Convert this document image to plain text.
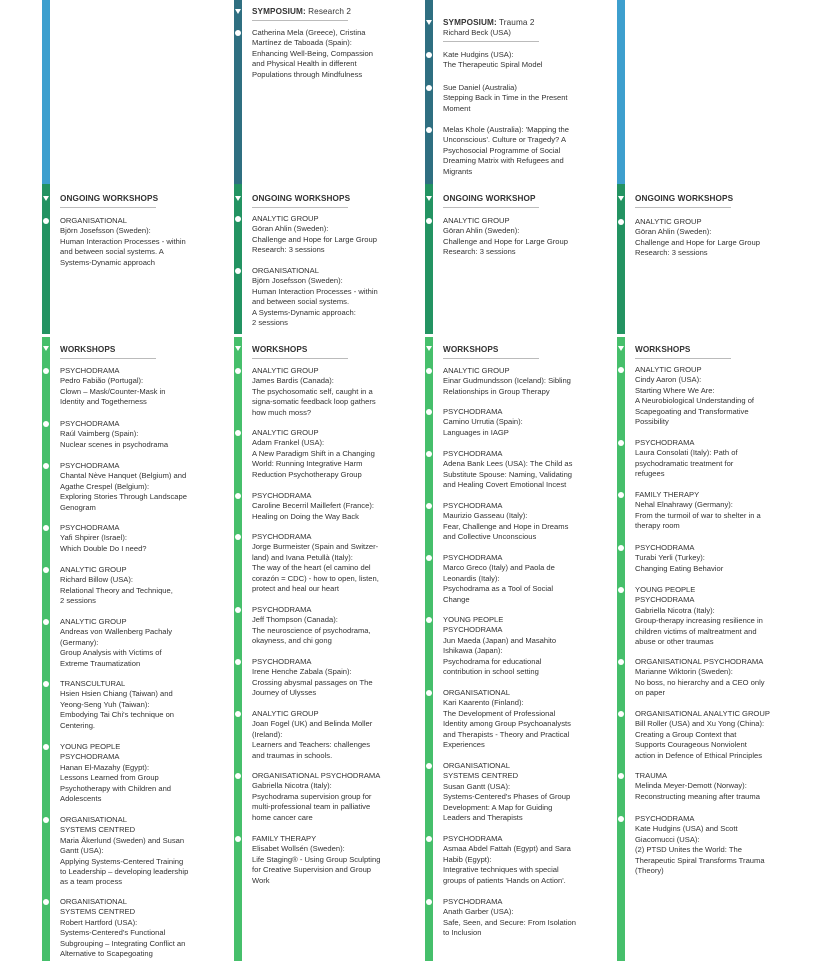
ONGOING WORKSHOPS
ORGANISATIONAL
Björn Josefsson (Sweden):
Human Interaction Processes - within
and between social systems. A
Systems-Dynamic approach
WORKSHOPS
PSYCHODRAMA
Pedro Fabião (Portugal):
Clown – Mask/Counter-Mask in
Identity and Togetherness
PSYCHODRAMA
Raúl Vaimberg (Spain):
Nuclear scenes in psychodrama
PSYCHODRAMA
Chantal Nève Hanquet (Belgium) and
Agathe Crespel (Belgium):
Exploring Stories Through Landscape
Genogram
PSYCHODRAMA
Yafi Shpirer (Israel):
Which Double Do I need?
ANALYTIC GROUP
Richard Billow (USA):
Relational Theory and Technique,
2 sessions
ANALYTIC GROUP
Andreas von Wallenberg Pachaly
(Germany):
Group Analysis with Victims of
Extreme Traumatization
TRANSCULTURAL
Hsien Hsien Chiang (Taiwan) and
Yeong-Seng Yuh (Taiwan):
Embodying Tai Chi's technique on
Centering.
YOUNG PEOPLE
PSYCHODRAMA
Hanan El-Mazahy (Egypt):
Lessons Learned from Group
Psychotherapy with Children and
Adolescents
ORGANISATIONAL
SYSTEMS CENTRED
Maria Åkerlund (Sweden) and Susan
Gantt (USA):
Applying Systems-Centered Training
to Leadership – developing leadership
as a team process
ORGANISATIONAL
SYSTEMS CENTRED
Robert Hartford (USA):
Systems-Centered's Functional
Subgrouping – Integrating Conflict an
Alternative to Scapegoating
SYMPOSIUM: Research 2
Catherina Mela (Greece), Cristina
Martínez de Taboada (Spain):
Enhancing Well-Being, Compassion
and Physical Health in different
Populations through Mindfulness
ONGOING WORKSHOPS
ANALYTIC GROUP
Göran Ahlin (Sweden):
Challenge and Hope for Large Group
Research: 3 sessions
ORGANISATIONAL
Björn Josefsson (Sweden):
Human Interaction Processes - within
and between social systems.
A Systems-Dynamic approach:
2 sessions
WORKSHOPS
ANALYTIC GROUP
James Bardis (Canada):
The psychosomatic self, caught in a
signa-somatic feedback loop gathers
how much moss?
ANALYTIC GROUP
Adam Frankel (USA):
A New Paradigm Shift in a Changing
World: Running Integrative Harm
Reduction Psychotherapy Group
PSYCHODRAMA
Caroline Becerril Maillefert (France):
Healing on Doing the Way Back
PSYCHODRAMA
Jorge Burmeister (Spain and Switzer-
land) and Ivana Petullà (Italy):
The way of the heart (el camino del
corazón = CDC) - how to open, listen,
protect and heal our heart
PSYCHODRAMA
Jeff Thompson (Canada):
The neuroscience of psychodrama,
okayness, and chi gong
PSYCHODRAMA
Irene Henche Zabala (Spain):
Crossing abysmal passages on The
Journey of Ulysses
ANALYTIC GROUP
Joan Fogel (UK) and Belinda Moller
(Ireland):
Learners and Teachers: challenges
and traumas in schools.
ORGANISATIONAL PSYCHODRAMA
Gabriella Nicotra (Italy):
Psychodrama supervision group for
multi-professional team in palliative
home cancer care
FAMILY THERAPY
Elisabet Wollsén (Sweden):
Life Staging® - Using Group Sculpting
for Creative Supervision and Group
Work
SYMPOSIUM: Trauma 2
Richard Beck (USA)
Kate Hudgins (USA):
The Therapeutic Spiral Model
Sue Daniel (Australia)
Stepping Back in Time in the Present
Moment
Melas Khole (Australia): 'Mapping the
Unconscious'. Culture or Tragedy? A
Psychosocial Programme of Social
Dreaming Matrix with Refugees and
Migrants
ONGOING WORKSHOP
ANALYTIC GROUP
Göran Ahlin (Sweden):
Challenge and Hope for Large Group
Research: 3 sessions
WORKSHOPS
ANALYTIC GROUP
Einar Gudmundsson (Iceland): Sibling
Relationships in Group Therapy
PSYCHODRAMA
Camino Urrutia (Spain):
Languages in IAGP
PSYCHODRAMA
Adena Bank Lees (USA): The Child as
Substitute Spouse: Naming, Validating
and Healing Covert Emotional Incest
PSYCHODRAMA
Maurizio Gasseau (Italy):
Fear, Challenge and Hope in Dreams
and Collective Unconscious
PSYCHODRAMA
Marco Greco (Italy) and Paola de
Leonardis (Italy):
Psychodrama as a Tool of Social
Change
YOUNG PEOPLE
PSYCHODRAMA
Jun Maeda (Japan) and Masahito
Ishikawa (Japan):
Psychodrama for educational
contribution in school setting
ORGANISATIONAL
Kari Kaarento (Finland):
The Development of Professional
Identity among Group Psychoanalysts
and Therapists - Theory and Practical
Experiences
ORGANISATIONAL
SYSTEMS CENTRED
Susan Gantt (USA):
Systems-Centered's Phases of Group
Development: A Map for Guiding
Leaders and Therapists
PSYCHODRAMA
Asmaa Abdel Fattah (Egypt) and Sara
Habib (Egypt):
Integrative techniques with special
groups of patients 'Hands on Action'.
PSYCHODRAMA
Anath Garber (USA):
Safe, Seen, and Secure: From Isolation
to Inclusion
ONGOING WORKSHOPS
ANALYTIC GROUP
Göran Ahlin (Sweden):
Challenge and Hope for Large Group
Research: 3 sessions
WORKSHOPS
ANALYTIC GROUP
Cindy Aaron (USA):
Starting Where We Are:
A Neurobiological Understanding of
Scapegoating and Transformative
Possibility
PSYCHODRAMA
Laura Consolati (Italy): Path of
psychodramatic treatment for
refugees
FAMILY THERAPY
Nehal Elnahrawy (Germany):
From the turmoil of war to shelter in a
therapy room
PSYCHODRAMA
Turabi Yerli (Turkey):
Changing Eating Behavior
YOUNG PEOPLE
PSYCHODRAMA
Gabriella Nicotra (Italy):
Group-therapy increasing resilience in
children victims of maltreatment and
abuse or other traumas
ORGANISATIONAL PSYCHODRAMA
Marianne Wiktorin (Sweden):
No boss, no hierarchy and a CEO only
on paper
ORGANISATIONAL ANALYTIC GROUP
Bill Roller (USA) and Xu Yong (China):
Creating a Group Context that
Supports Courageous Nonviolent
action in Defence of Ethical Principles
TRAUMA
Melinda Meyer-Demott (Norway):
Reconstructing meaning after trauma
PSYCHODRAMA
Kate Hudgins (USA) and Scott
Giacomucci (USA):
(2) PTSD Unites the World: The
Therapeutic Spiral Transforms Trauma
(Theory)
